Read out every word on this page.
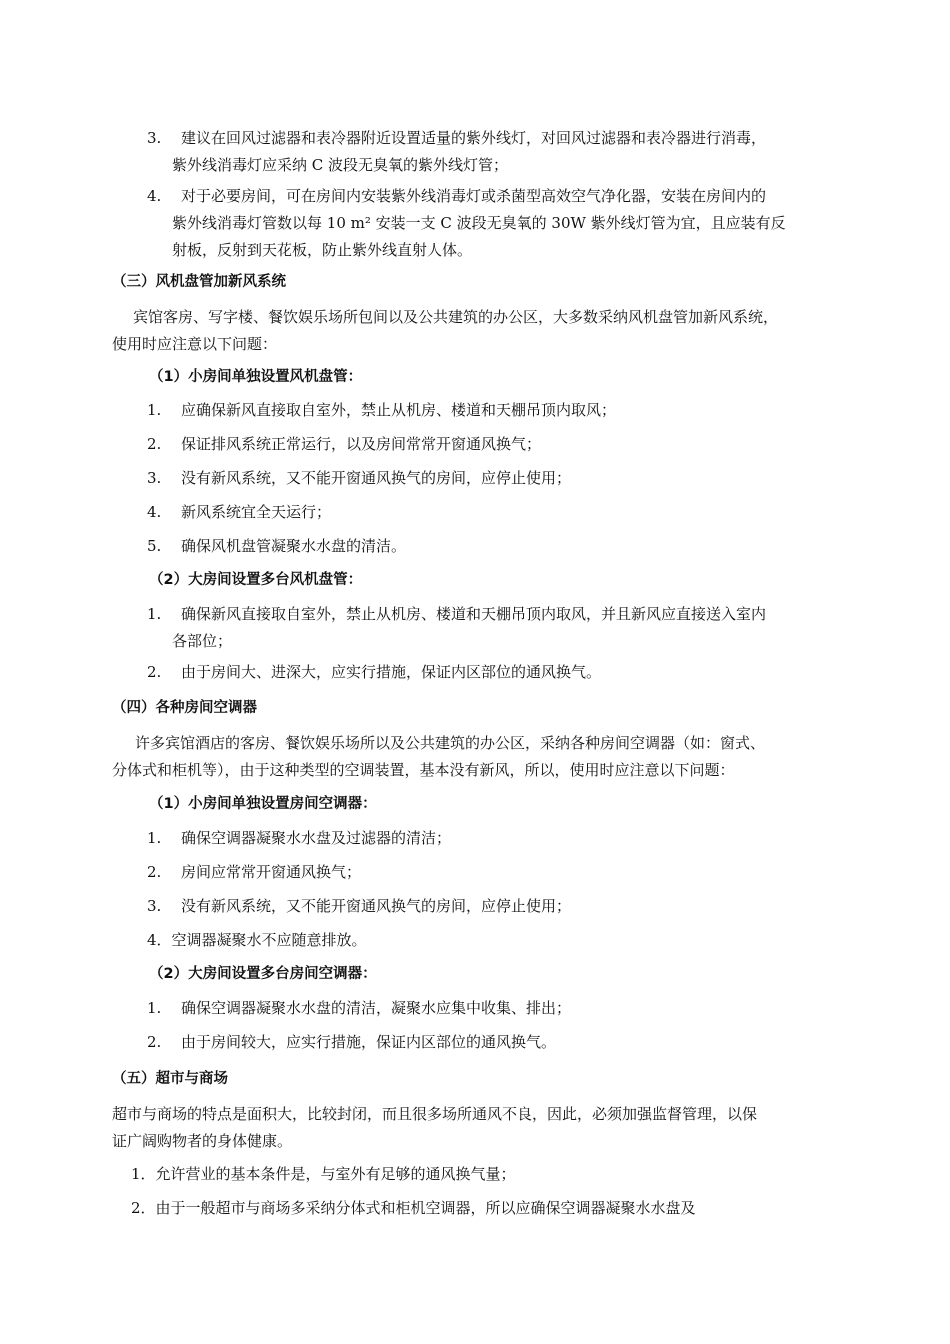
3. 建议在回风过滤器和表冷器附近设置适量的紫外线灯，对回风过滤器和表冷器进行消毒，
紫外线消毒灯应采纳 C 波段无臭氧的紫外线灯管；
4. 对于必要房间，可在房间内安装紫外线消毒灯或杀菌型高效空气净化器，安装在房间内的
紫外线消毒灯管数以每 10 m² 安装一支 C 波段无臭氧的 30W 紫外线灯管为宜，且应装有反
射板，反射到天花板，防止紫外线直射人体。
（三）风机盘管加新风系统
宾馆客房、写字楼、餐饮娱乐场所包间以及公共建筑的办公区，大多数采纳风机盘管加新风系统，
使用时应注意以下问题：
（1）小房间单独设置风机盘管：
1. 应确保新风直接取自室外，禁止从机房、楼道和天棚吊顶内取风；
2. 保证排风系统正常运行，以及房间常常开窗通风换气；
3. 没有新风系统，又不能开窗通风换气的房间，应停止使用；
4. 新风系统宜全天运行；
5. 确保风机盘管凝聚水水盘的清洁。
（2）大房间设置多台风机盘管：
1. 确保新风直接取自室外，禁止从机房、楼道和天棚吊顶内取风，并且新风应直接送入室内
各部位；
2. 由于房间大、进深大，应实行措施，保证内区部位的通风换气。
（四）各种房间空调器
许多宾馆酒店的客房、餐饮娱乐场所以及公共建筑的办公区，采纳各种房间空调器（如：窗式、
分体式和柜机等），由于这种类型的空调装置，基本没有新风，所以，使用时应注意以下问题：
（1）小房间单独设置房间空调器：
1. 确保空调器凝聚水水盘及过滤器的清洁；
2. 房间应常常开窗通风换气；
3. 没有新风系统，又不能开窗通风换气的房间，应停止使用；
4．空调器凝聚水不应随意排放。
（2）大房间设置多台房间空调器：
1. 确保空调器凝聚水水盘的清洁，凝聚水应集中收集、排出；
2. 由于房间较大，应实行措施，保证内区部位的通风换气。
（五）超市与商场
超市与商场的特点是面积大，比较封闭，而且很多场所通风不良，因此，必须加强监督管理，以保
证广阔购物者的身体健康。
1．允许营业的基本条件是，与室外有足够的通风换气量；
2．由于一般超市与商场多采纳分体式和柜机空调器，所以应确保空调器凝聚水水盘及
